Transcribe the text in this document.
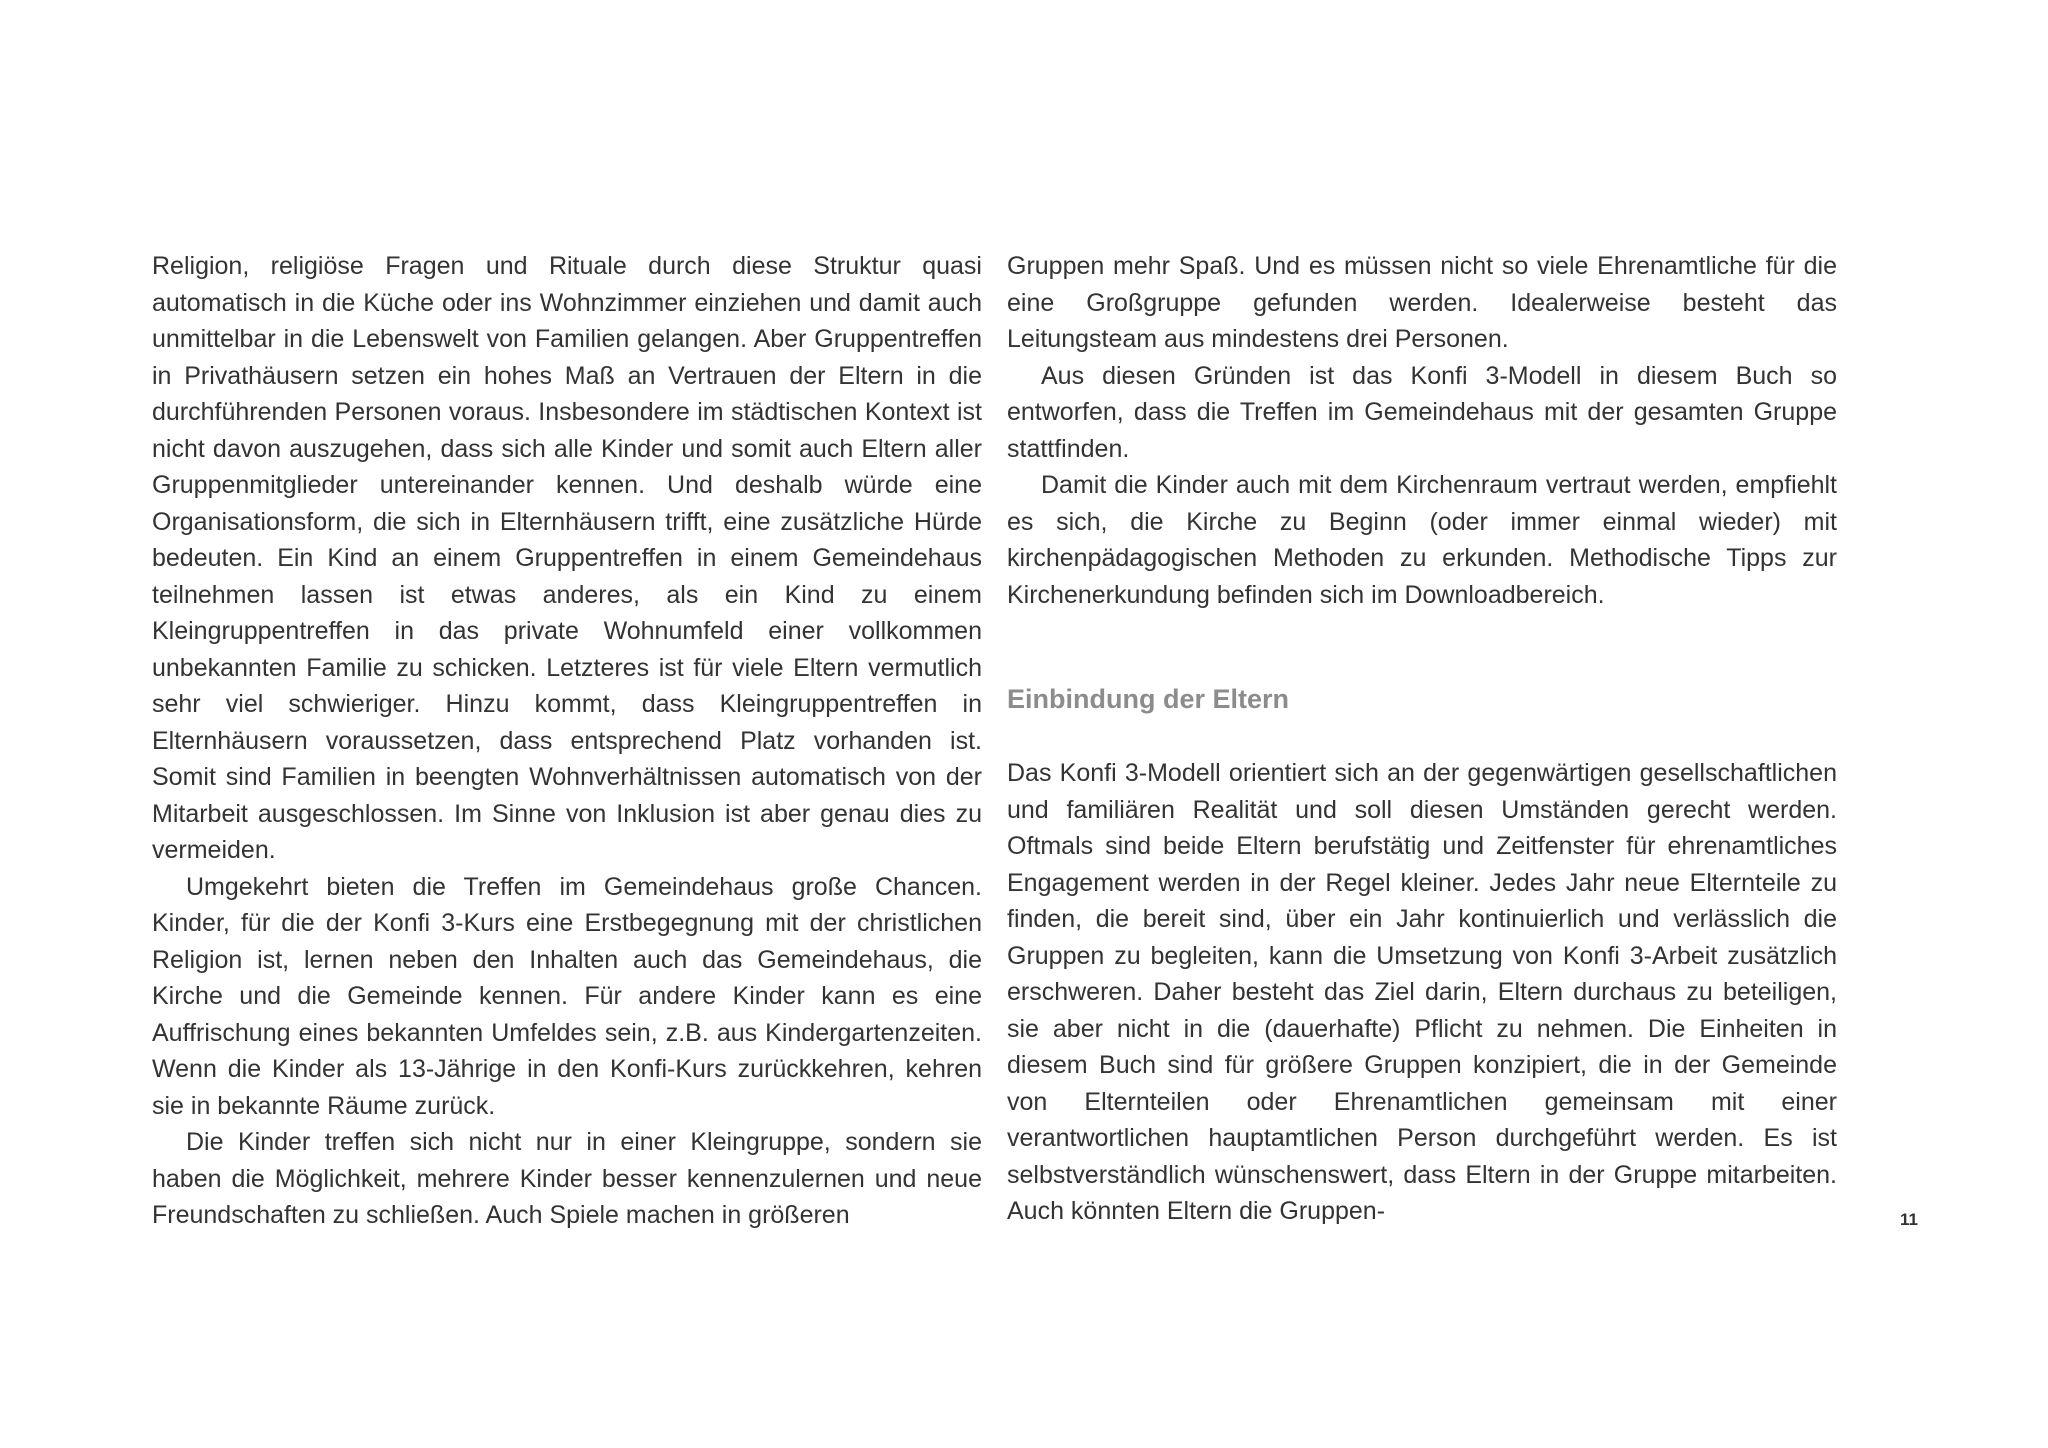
Religion, religiöse Fragen und Rituale durch diese Struktur quasi automatisch in die Küche oder ins Wohnzimmer einziehen und damit auch unmittelbar in die Lebenswelt von Familien gelangen. Aber Gruppentreffen in Privathäusern setzen ein hohes Maß an Vertrauen der Eltern in die durchführenden Personen voraus. Insbesondere im städtischen Kontext ist nicht davon auszugehen, dass sich alle Kinder und somit auch Eltern aller Gruppenmitglieder untereinander kennen. Und deshalb würde eine Organisationsform, die sich in Elternhäusern trifft, eine zusätzliche Hürde bedeuten. Ein Kind an einem Gruppentreffen in einem Gemeindehaus teilnehmen lassen ist etwas anderes, als ein Kind zu einem Kleingruppentreffen in das private Wohnumfeld einer vollkommen unbekannten Familie zu schicken. Letzteres ist für viele Eltern vermutlich sehr viel schwieriger. Hinzu kommt, dass Kleingruppentreffen in Elternhäusern voraussetzen, dass entsprechend Platz vorhanden ist. Somit sind Familien in beengten Wohnverhältnissen automatisch von der Mitarbeit ausgeschlossen. Im Sinne von Inklusion ist aber genau dies zu vermeiden.

Umgekehrt bieten die Treffen im Gemeindehaus große Chancen. Kinder, für die der Konfi 3-Kurs eine Erstbegegnung mit der christlichen Religion ist, lernen neben den Inhalten auch das Gemeindehaus, die Kirche und die Gemeinde kennen. Für andere Kinder kann es eine Auffrischung eines bekannten Umfeldes sein, z.B. aus Kindergartenzeiten. Wenn die Kinder als 13-Jährige in den Konfi-Kurs zurückkehren, kehren sie in bekannte Räume zurück.

Die Kinder treffen sich nicht nur in einer Kleingruppe, sondern sie haben die Möglichkeit, mehrere Kinder besser kennenzulernen und neue Freundschaften zu schließen. Auch Spiele machen in größeren

Gruppen mehr Spaß. Und es müssen nicht so viele Ehrenamtliche für die eine Großgruppe gefunden werden. Idealerweise besteht das Leitungsteam aus mindestens drei Personen.

Aus diesen Gründen ist das Konfi 3-Modell in diesem Buch so entworfen, dass die Treffen im Gemeindehaus mit der gesamten Gruppe stattfinden.

Damit die Kinder auch mit dem Kirchenraum vertraut werden, empfiehlt es sich, die Kirche zu Beginn (oder immer einmal wieder) mit kirchenpädagogischen Methoden zu erkunden. Methodische Tipps zur Kirchenerkundung befinden sich im Downloadbereich.

Einbindung der Eltern

Das Konfi 3-Modell orientiert sich an der gegenwärtigen gesellschaftlichen und familiären Realität und soll diesen Umständen gerecht werden. Oftmals sind beide Eltern berufstätig und Zeitfenster für ehrenamtliches Engagement werden in der Regel kleiner. Jedes Jahr neue Elternteile zu finden, die bereit sind, über ein Jahr kontinuierlich und verlässlich die Gruppen zu begleiten, kann die Umsetzung von Konfi 3-Arbeit zusätzlich erschweren. Daher besteht das Ziel darin, Eltern durchaus zu beteiligen, sie aber nicht in die (dauerhafte) Pflicht zu nehmen. Die Einheiten in diesem Buch sind für größere Gruppen konzipiert, die in der Gemeinde von Elternteilen oder Ehrenamtlichen gemeinsam mit einer verantwortlichen hauptamtlichen Person durchgeführt werden. Es ist selbstverständlich wünschenswert, dass Eltern in der Gruppe mitarbeiten. Auch könnten Eltern die Gruppen-	11
